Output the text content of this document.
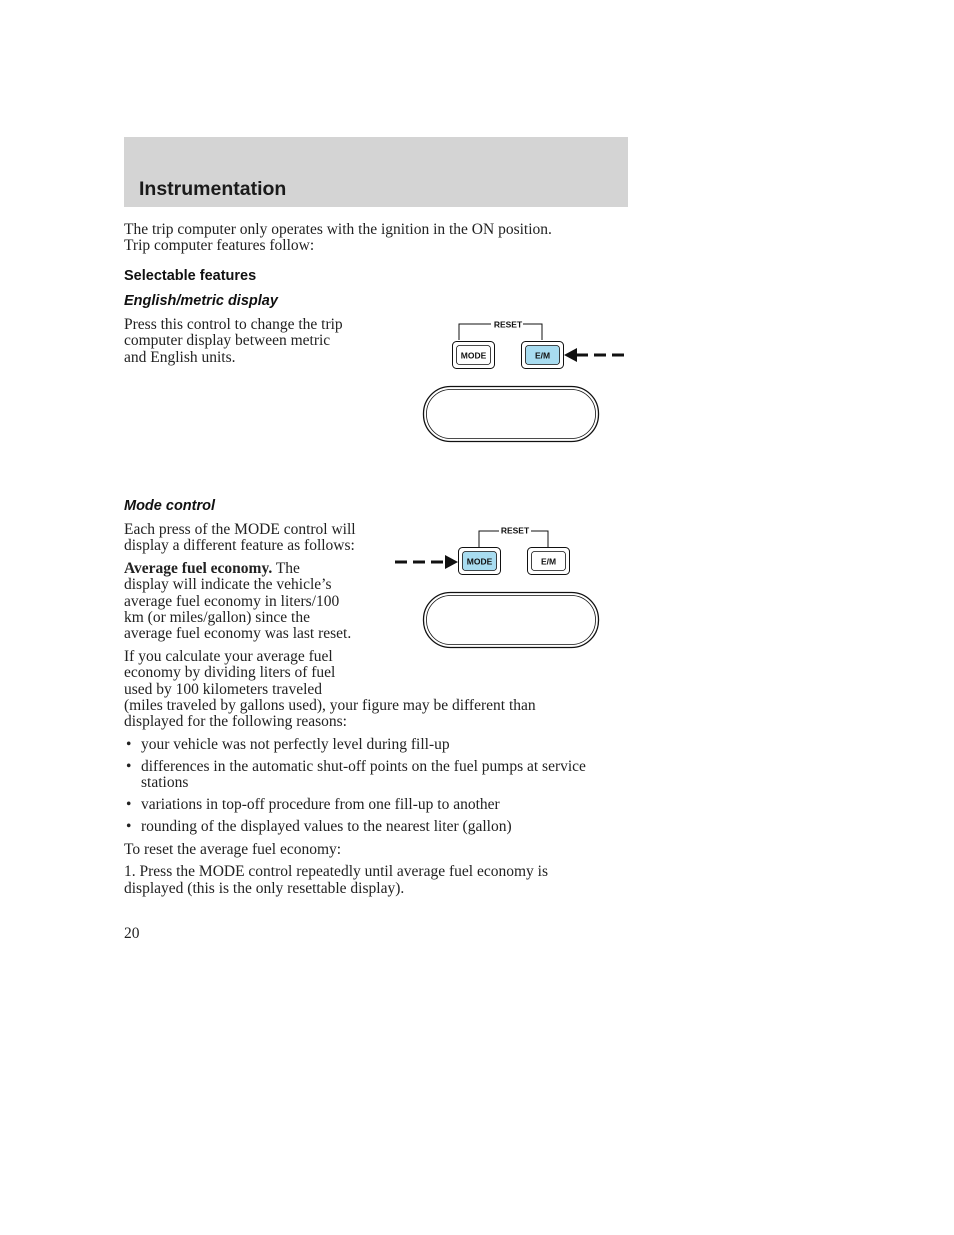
Instrumentation
The trip computer only operates with the ignition in the ON position.
Trip computer features follow:
Selectable features
English/metric display
Press this control to change the trip
computer display between metric
and English units.
RESET
MODE	E/M
Mode control

Each press of the MODE control will
display a different feature as follows:

Average fuel economy. The
display will indicate the vehicle’s
average fuel economy in liters/100
km (or miles/gallon) since the
average fuel economy was last reset.

If you calculate your average fuel
economy by dividing liters of fuel
used by 100 kilometers traveled
(miles traveled by gallons used), your figure may be different than
displayed for the following reasons:

• your vehicle was not perfectly level during fill-up
• differences in the automatic shut-off points on the fuel pumps at service stations
• variations in top-off procedure from one fill-up to another
• rounding of the displayed values to the nearest liter (gallon)

To reset the average fuel economy:

1. Press the MODE control repeatedly until average fuel economy is
displayed (this is the only resettable display).

RESET
MODE	E/M
20
